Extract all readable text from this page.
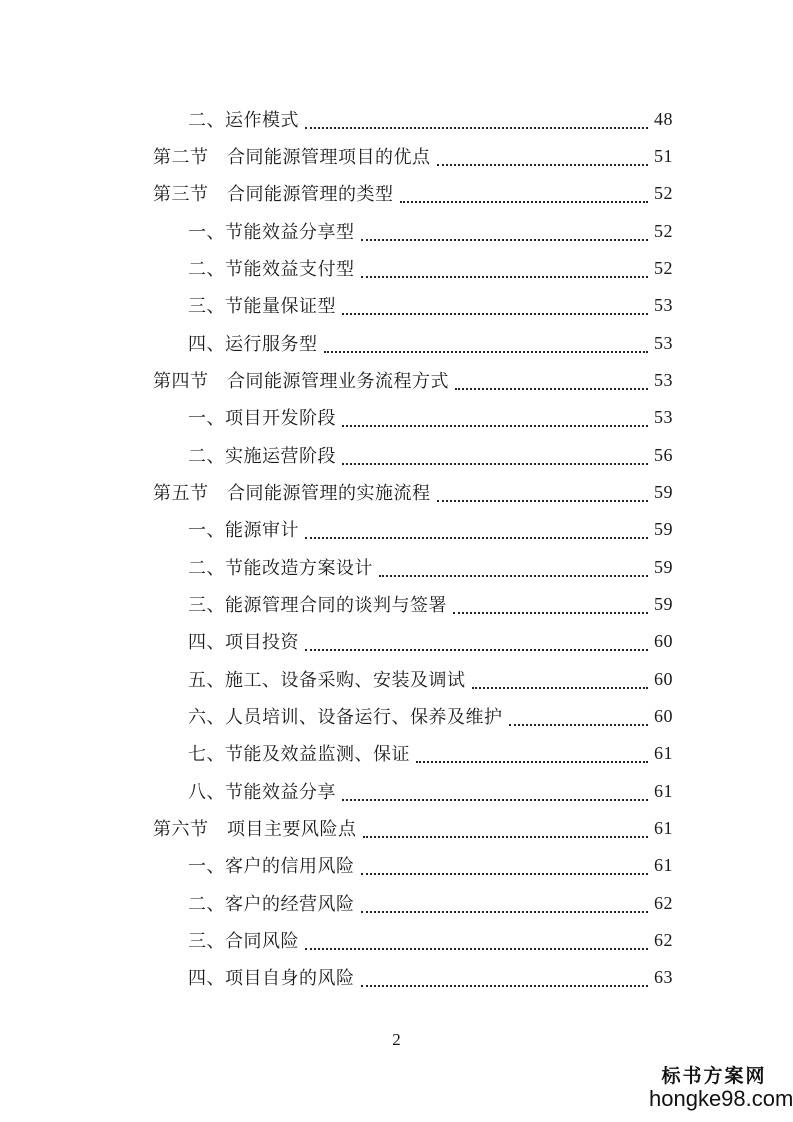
二、运作模式	48
第二节　合同能源管理项目的优点	51
第三节　合同能源管理的类型	52
一、节能效益分享型	52
二、节能效益支付型	52
三、节能量保证型	53
四、运行服务型	53
第四节　合同能源管理业务流程方式	53
一、项目开发阶段	53
二、实施运营阶段	56
第五节　合同能源管理的实施流程	59
一、能源审计	59
二、节能改造方案设计	59
三、能源管理合同的谈判与签署	59
四、项目投资	60
五、施工、设备采购、安装及调试	60
六、人员培训、设备运行、保养及维护	60
七、节能及效益监测、保证	61
八、节能效益分享	61
第六节　项目主要风险点	61
一、客户的信用风险	61
二、客户的经营风险	62
三、合同风险	62
四、项目自身的风险	63
2
标书方案网
hongke98.com
